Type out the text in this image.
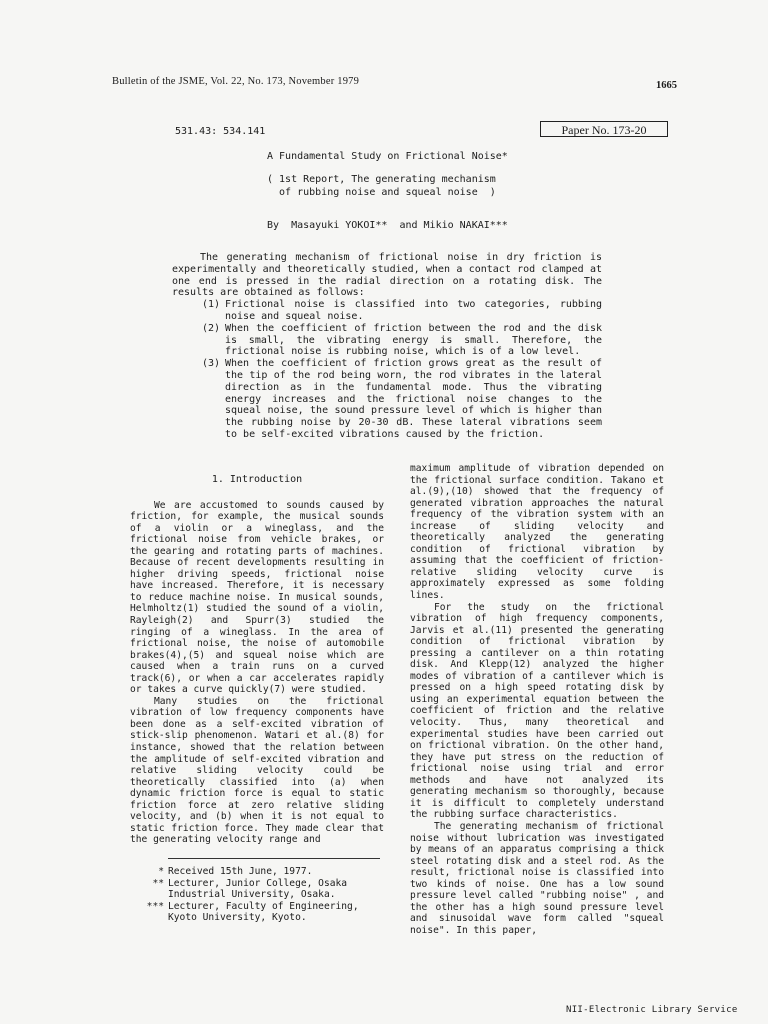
Bulletin of the JSME, Vol. 22, No. 173, November 1979	1665
531.43: 534.141	Paper No. 173-20
A Fundamental Study on Frictional Noise*
( 1st Report, The generating mechanism
of rubbing noise and squeal noise  )
By  Masayuki YOKOI**  and Mikio NAKAI***

The generating mechanism of frictional noise in dry friction is experimentally and theoretically studied, when a contact rod clamped at one end is pressed in the radial direction on a rotating disk. The results are obtained as follows:

(1) Frictional noise is classified into two categories, rubbing noise and squeal noise.
(2) When the coefficient of friction between the rod and the disk is small, the vibrating energy is small. Therefore, the frictional noise is rubbing noise, which is of a low level.
(3) When the coefficient of friction grows great as the result of the tip of the rod being worn, the rod vibrates in the lateral direction as in the fundamental mode. Thus the vibrating energy increases and the frictional noise changes to the squeal noise, the sound pressure level of which is higher than the rubbing noise by 20-30 dB. These lateral vibrations seem to be self-excited vibrations caused by the friction.
1. Introduction

We are accustomed to sounds caused by friction, for example, the musical sounds of a violin or a wineglass, and the frictional noise from vehicle brakes, or the gearing and rotating parts of machines. Because of recent developments resulting in higher driving speeds, frictional noise have increased. Therefore, it is necessary to reduce machine noise. In musical sounds, Helmholtz(1) studied the sound of a violin, Rayleigh(2) and Spurr(3) studied the ringing of a wineglass. In the area of frictional noise, the noise of automobile brakes(4),(5) and squeal noise which are caused when a train runs on a curved track(6), or when a car accelerates rapidly or takes a curve quickly(7) were studied.

Many studies on the frictional vibration of low frequency components have been done as a self-excited vibration of stick-slip phenomenon. Watari et al.(8) for instance, showed that the relation between the amplitude of self-excited vibration and relative sliding velocity could be theoretically classified into (a) when dynamic friction force is equal to static friction force at zero relative sliding velocity, and (b) when it is not equal to static friction force. They made clear that the generating velocity range and

maximum amplitude of vibration depended on the frictional surface condition. Takano et al.(9),(10) showed that the frequency of generated vibration approaches the natural frequency of the vibration system with an increase of sliding velocity and theoretically analyzed the generating condition of frictional vibration by assuming that the coefficient of friction-relative sliding velocity curve is approximately expressed as some folding lines.

For the study on the frictional vibration of high frequency components, Jarvis et al.(11) presented the generating condition of frictional vibration by pressing a cantilever on a thin rotating disk. And Klepp(12) analyzed the higher modes of vibration of a cantilever which is pressed on a high speed rotating disk by using an experimental equation between the coefficient of friction and the relative velocity. Thus, many theoretical and experimental studies have been carried out on frictional vibration. On the other hand, they have put stress on the reduction of frictional noise using trial and error methods and have not analyzed its generating mechanism so thoroughly, because it is difficult to completely understand the rubbing surface characteristics.

The generating mechanism of frictional noise without lubrication was investigated by means of an apparatus comprising a thick steel rotating disk and a steel rod. As the result, frictional noise is classified into two kinds of noise. One has a low sound pressure level called "rubbing noise" , and the other has a high sound pressure level and sinusoidal wave form called "squeal noise". In this paper,

* Received 15th June, 1977.
** Lecturer, Junior College, Osaka Industrial University, Osaka.
*** Lecturer, Faculty of Engineering, Kyoto University, Kyoto.
NII-Electronic Library Service
